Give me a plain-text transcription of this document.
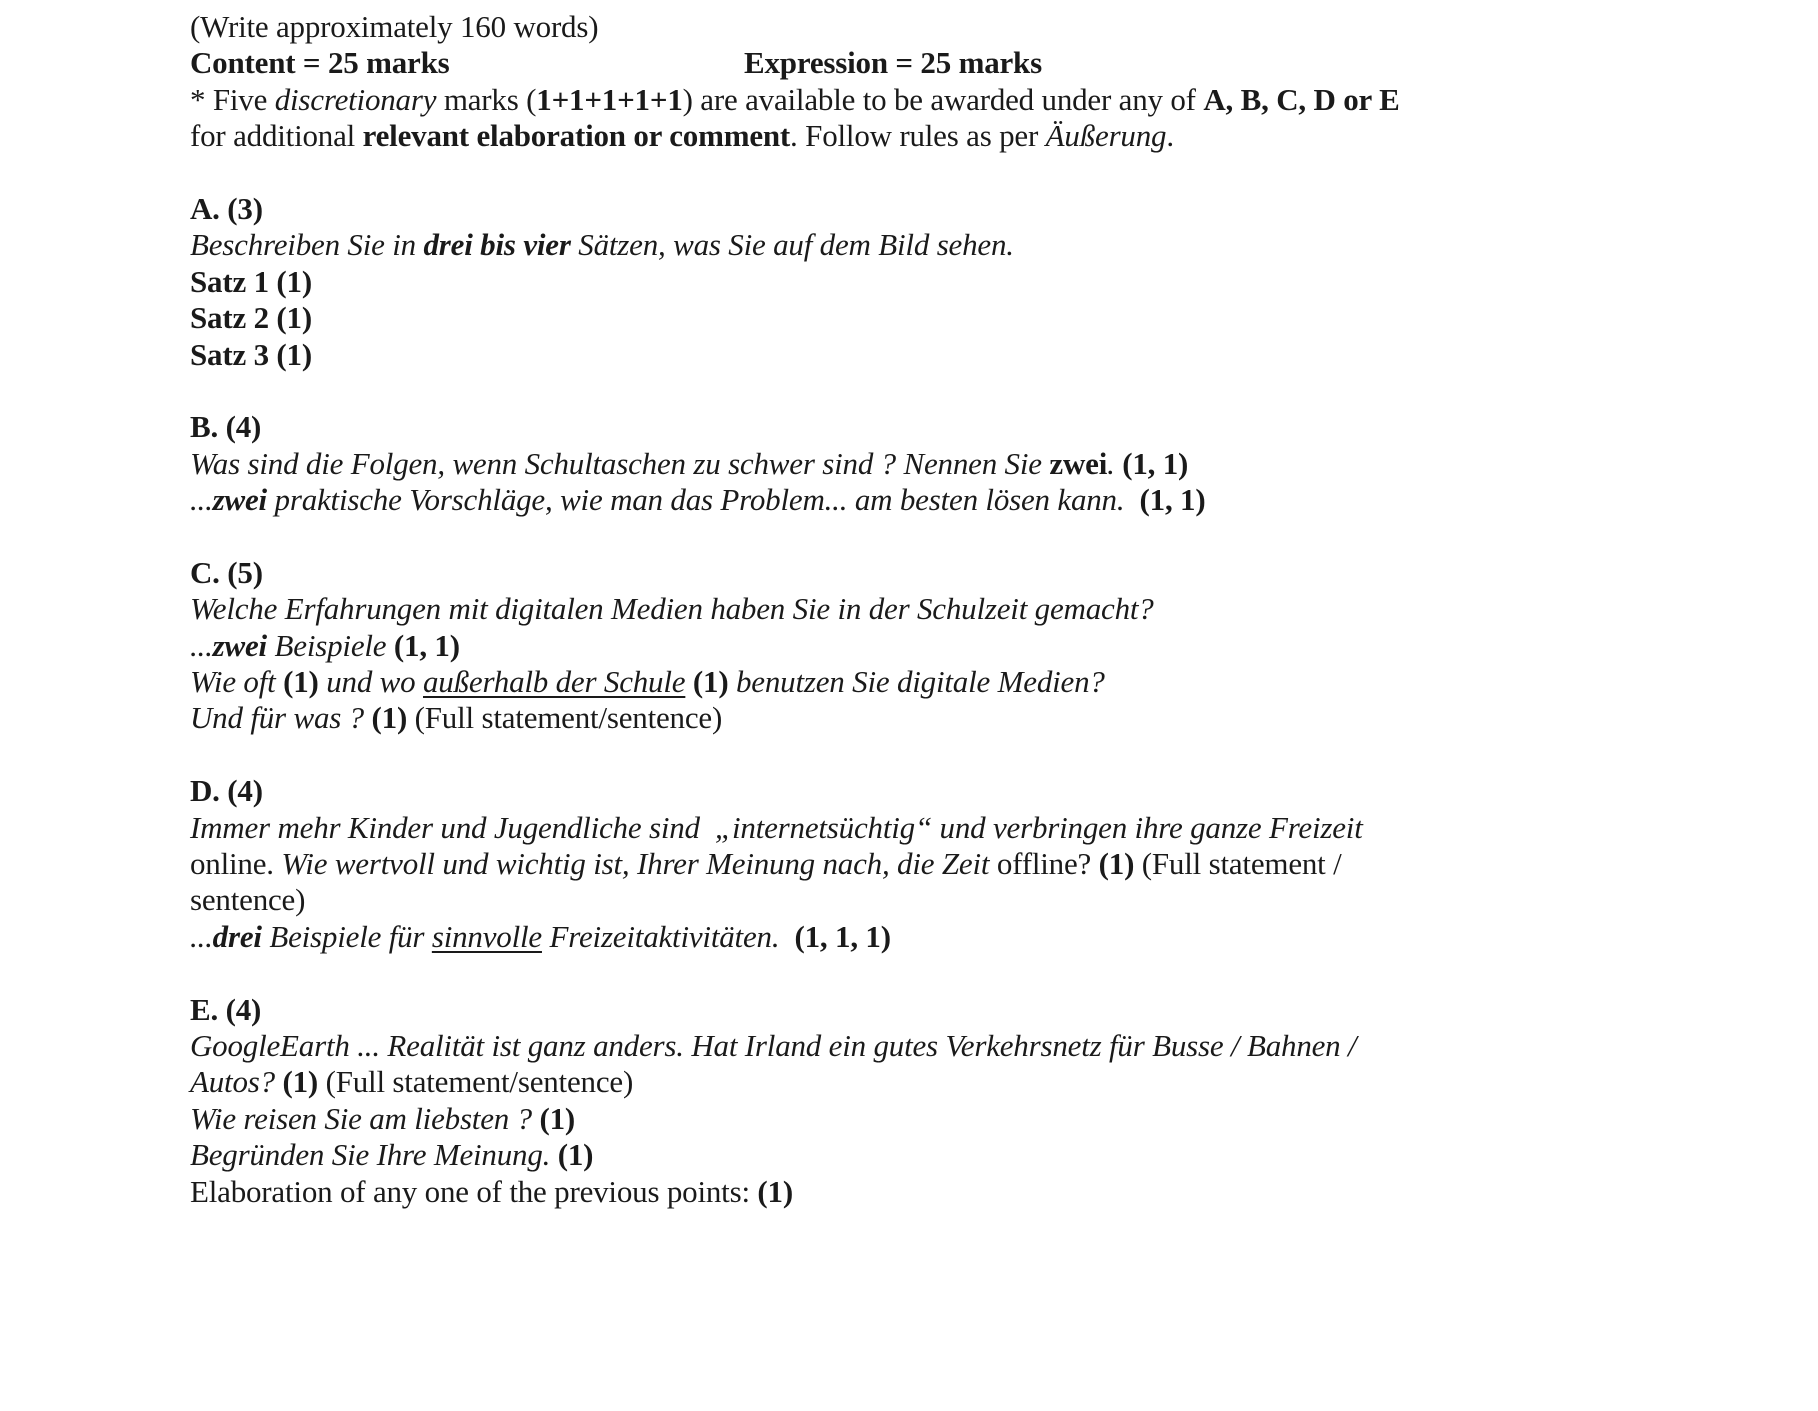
(Write approximately 160 words)
Content = 25 marks	Expression = 25 marks
* Five discretionary marks (1+1+1+1+1) are available to be awarded under any of A, B, C, D or E
for additional relevant elaboration or comment. Follow rules as per Äußerung.
A. (3)
Beschreiben Sie in drei bis vier Sätzen, was Sie auf dem Bild sehen.
Satz 1 (1)
Satz 2 (1)
Satz 3 (1)
B. (4)
Was sind die Folgen, wenn Schultaschen zu schwer sind ? Nennen Sie zwei. (1, 1)
...zwei praktische Vorschläge, wie man das Problem... am besten lösen kann.  (1, 1)
C. (5)
Welche Erfahrungen mit digitalen Medien haben Sie in der Schulzeit gemacht?
...zwei Beispiele (1, 1)
Wie oft (1) und wo außerhalb der Schule (1) benutzen Sie digitale Medien?
Und für was ? (1) (Full statement/sentence)
D. (4)
Immer mehr Kinder und Jugendliche sind  „internetsüchtig“ und verbringen ihre ganze Freizeit
online. Wie wertvoll und wichtig ist, Ihrer Meinung nach, die Zeit offline? (1) (Full statement /
sentence)
...drei Beispiele für sinnvolle Freizeitaktivitäten.  (1, 1, 1)
E. (4)
GoogleEarth ... Realität ist ganz anders. Hat Irland ein gutes Verkehrsnetz für Busse / Bahnen /
Autos? (1) (Full statement/sentence)
Wie reisen Sie am liebsten ? (1)
Begründen Sie Ihre Meinung. (1)
Elaboration of any one of the previous points: (1)
